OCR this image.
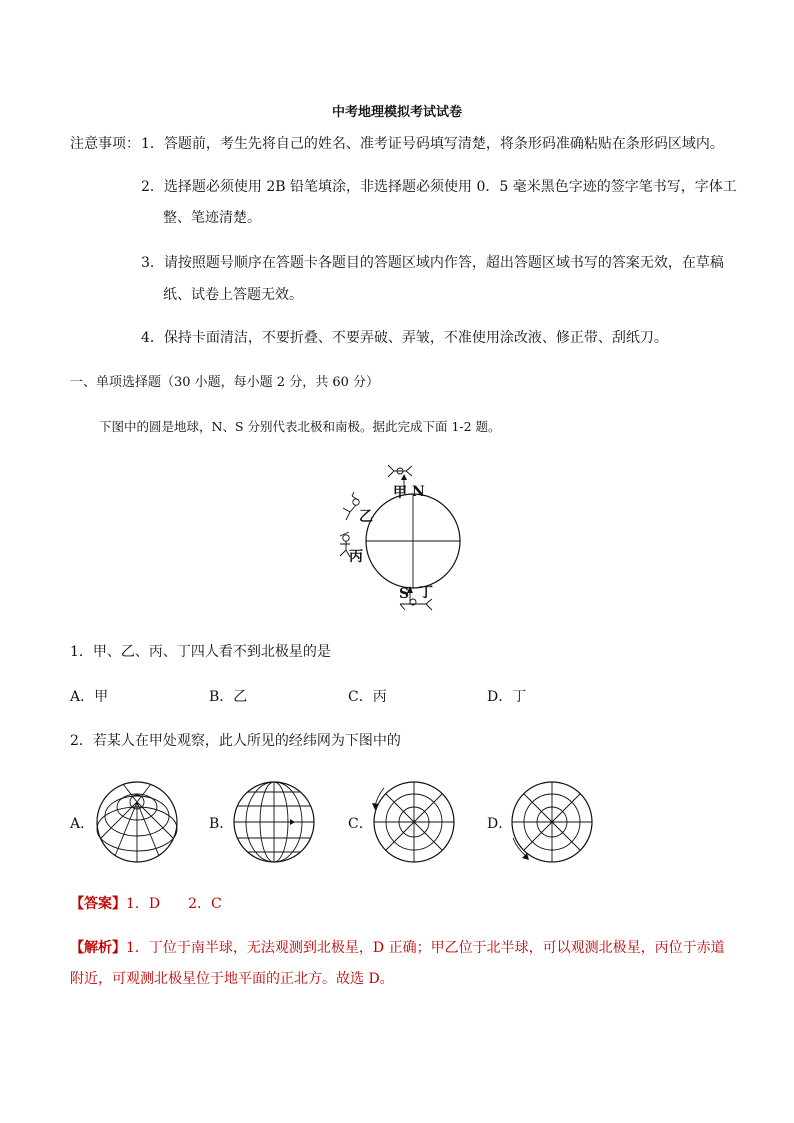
中考地理模拟考试试卷
注意事项： 1．答题前，考生先将自己的姓名、准考证号码填写清楚，将条形码准确粘贴在条形码区域内。
2．选择题必须使用 2B 铅笔填涂，非选择题必须使用 0．5 毫米黑色字迹的签字笔书写，字体工
整、笔迹清楚。
3．请按照题号顺序在答题卡各题目的答题区域内作答，超出答题区域书写的答案无效，在草稿
纸、试卷上答题无效。
4．保持卡面清洁，不要折叠、不要弄破、弄皱，不准使用涂改液、修正带、刮纸刀。
一、单项选择题（30 小题，每小题 2 分，共 60 分）
下图中的圆是地球，N、S 分别代表北极和南极。据此完成下面 1-2 题。
甲 N
乙
丙
S 丁
1．甲、乙、丙、丁四人看不到北极星的是
A．甲	B．乙	C．丙	D．丁
2．若某人在甲处观察，此人所见的经纬网为下图中的
A．	B．	C．	D．
【答案】1．D　　2．C
【解析】1．丁位于南半球，无法观测到北极星，D 正确；甲乙位于北半球，可以观测北极星，丙位于赤道
附近，可观测北极星位于地平面的正北方。故选 D。
